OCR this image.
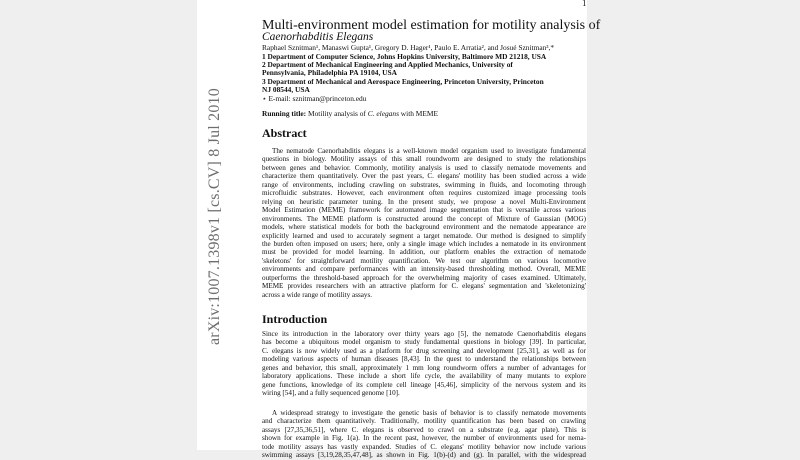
arXiv:1007.1398v1 [cs.CV] 8 Jul 2010
1
Multi-environment model estimation for motility analysis of
Caenorhabditis Elegans
Raphael Sznitman¹, Manaswi Gupta¹, Gregory D. Hager¹, Paulo E. Arratia², and Josué Sznitman³,*
1 Department of Computer Science, Johns Hopkins University, Baltimore MD 21218, USA
2 Department of Mechanical Engineering and Applied Mechanics, University of
Pennsylvania, Philadelphia PA 19104, USA
3 Department of Mechanical and Aerospace Engineering, Princeton University, Princeton
NJ 08544, USA
⋆ E-mail: sznitman@princeton.edu
Running title: Motility analysis of C. elegans with MEME
Abstract
The nematode Caenorhabditis elegans is a well-known model organism used to investigate fundamental
questions in biology. Motility assays of this small roundworm are designed to study the relationships
between genes and behavior. Commonly, motility analysis is used to classify nematode movements and
characterize them quantitatively. Over the past years, C. elegans' motility has been studied across a wide
range of environments, including crawling on substrates, swimming in fluids, and locomoting through
microfluidic substrates. However, each environment often requires customized image processing tools
relying on heuristic parameter tuning. In the present study, we propose a novel Multi-Environment
Model Estimation (MEME) framework for automated image segmentation that is versatile across various
environments. The MEME platform is constructed around the concept of Mixture of Gaussian (MOG)
models, where statistical models for both the background environment and the nematode appearance are
explicitly learned and used to accurately segment a target nematode. Our method is designed to simplify
the burden often imposed on users; here, only a single image which includes a nematode in its environment
must be provided for model learning. In addition, our platform enables the extraction of nematode
'skeletons' for straightforward motility quantification. We test our algorithm on various locomotive
environments and compare performances with an intensity-based thresholding method. Overall, MEME
outperforms the threshold-based approach for the overwhelming majority of cases examined. Ultimately,
MEME provides researchers with an attractive platform for C. elegans' segmentation and 'skeletonizing'
across a wide range of motility assays.
Introduction
Since its introduction in the laboratory over thirty years ago [5], the nematode Caenorhabditis elegans
has become a ubiquitous model organism to study fundamental questions in biology [39]. In particular,
C. elegans is now widely used as a platform for drug screening and development [25,31], as well as for
modeling various aspects of human diseases [8,43]. In the quest to understand the relationships between
genes and behavior, this small, approximately 1 mm long roundworm offers a number of advantages for
laboratory applications. These include a short life cycle, the availability of many mutants to explore
gene functions, knowledge of its complete cell lineage [45,46], simplicity of the nervous system and its
wiring [54], and a fully sequenced genome [10].
A widespread strategy to investigate the genetic basis of behavior is to classify nematode movements
and characterize them quantitatively. Traditionally, motility quantification has been based on crawling
assays [27,35,36,51], where C. elegans is observed to crawl on a substrate (e.g. agar plate). This is
shown for example in Fig. 1(a). In the recent past, however, the number of environments used for nema-
tode motility assays has vastly expanded. Studies of C. elegans' motility behavior now include various
swimming assays [3,19,28,35,47,48], as shown in Fig. 1(b)-(d) and (g). In parallel, with the widespread
